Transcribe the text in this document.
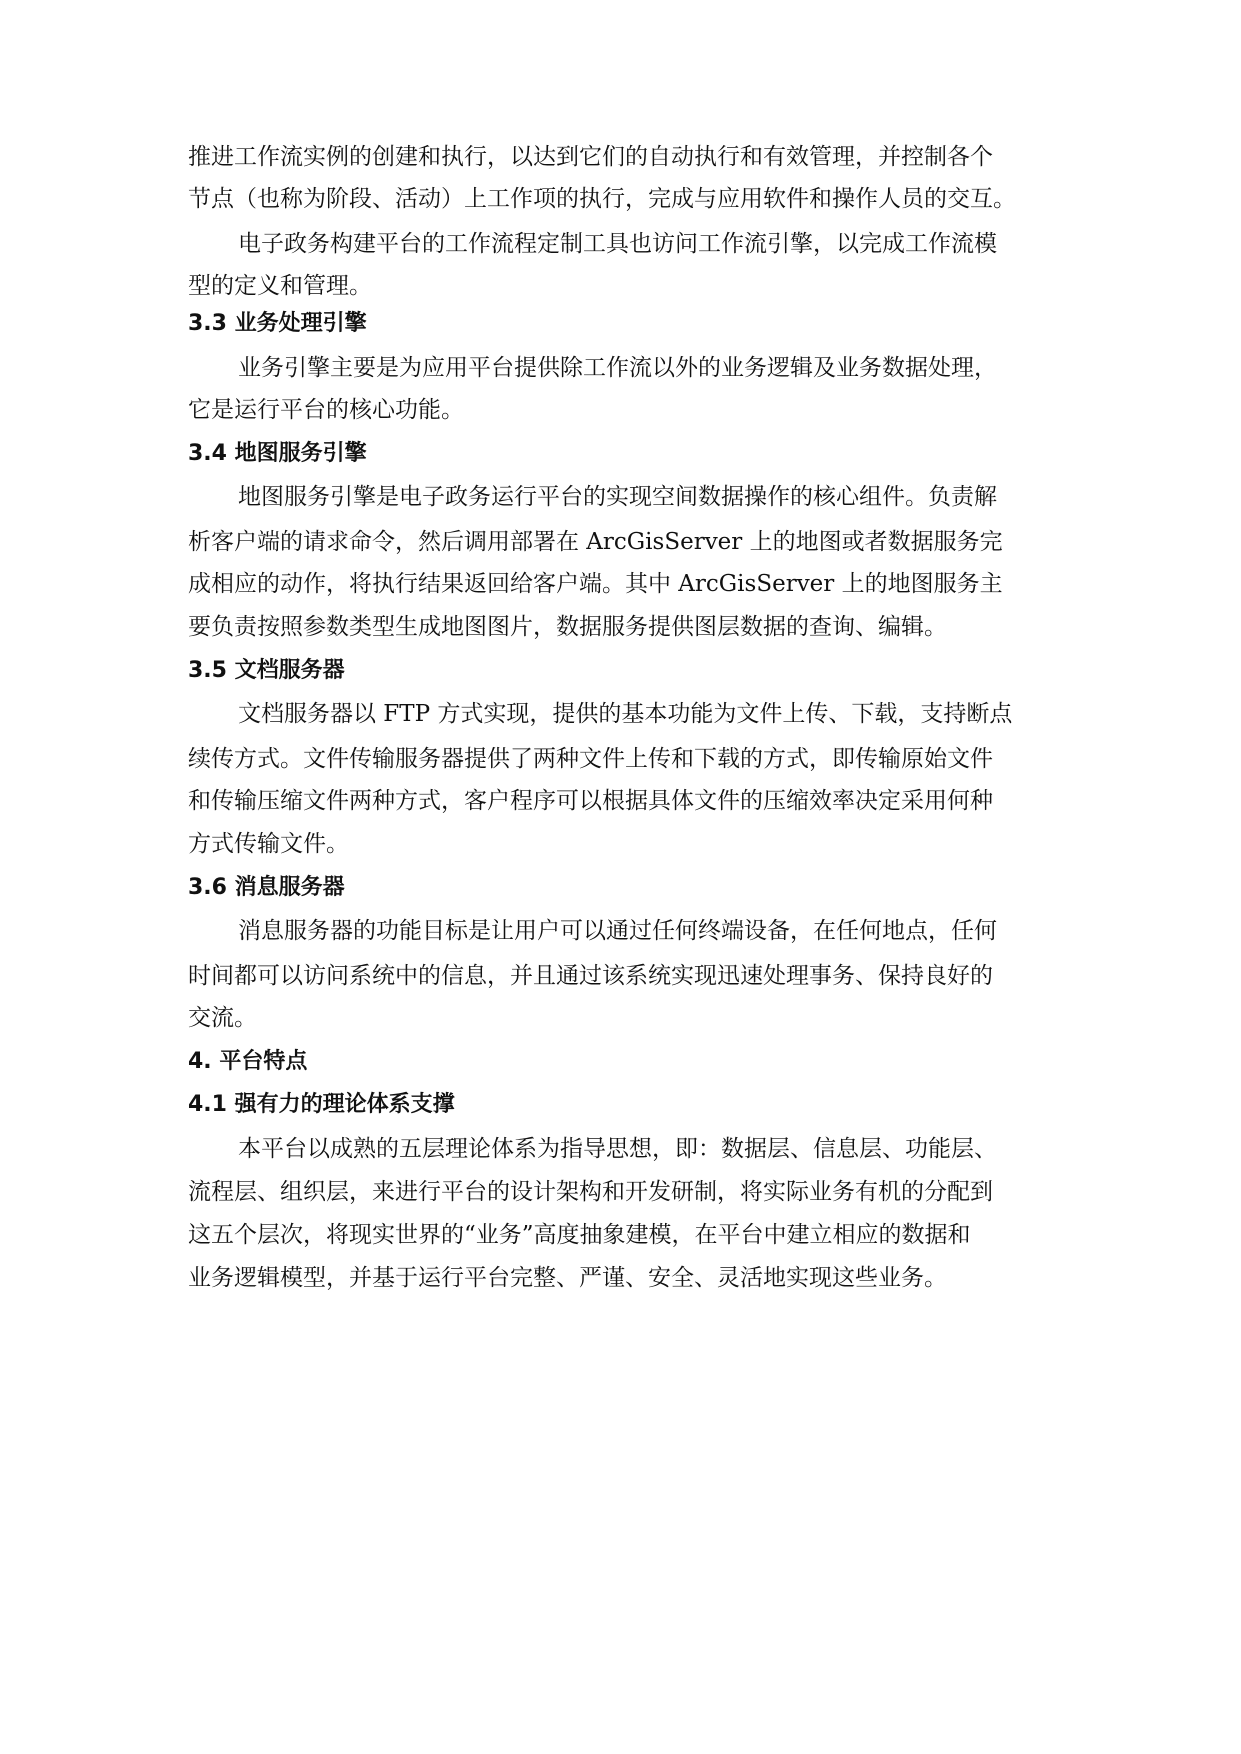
推进工作流实例的创建和执行，以达到它们的自动执行和有效管理，并控制各个

节点（也称为阶段、活动）上工作项的执行，完成与应用软件和操作人员的交互。

电子政务构建平台的工作流程定制工具也访问工作流引擎，以完成工作流模

型的定义和管理。

3.3 业务处理引擎

业务引擎主要是为应用平台提供除工作流以外的业务逻辑及业务数据处理，

它是运行平台的核心功能。

3.4 地图服务引擎

地图服务引擎是电子政务运行平台的实现空间数据操作的核心组件。负责解

析客户端的请求命令，然后调用部署在 ArcGisServer 上的地图或者数据服务完

成相应的动作，将执行结果返回给客户端。其中 ArcGisServer 上的地图服务主

要负责按照参数类型生成地图图片，数据服务提供图层数据的查询、编辑。

3.5 文档服务器

文档服务器以 FTP 方式实现，提供的基本功能为文件上传、下载，支持断点

续传方式。文件传输服务器提供了两种文件上传和下载的方式，即传输原始文件

和传输压缩文件两种方式，客户程序可以根据具体文件的压缩效率决定采用何种

方式传输文件。

3.6 消息服务器

消息服务器的功能目标是让用户可以通过任何终端设备，在任何地点，任何

时间都可以访问系统中的信息，并且通过该系统实现迅速处理事务、保持良好的

交流。

4. 平台特点

4.1 强有力的理论体系支撑

本平台以成熟的五层理论体系为指导思想，即：数据层、信息层、功能层、

流程层、组织层，来进行平台的设计架构和开发研制，将实际业务有机的分配到

这五个层次，将现实世界的“业务”高度抽象建模，在平台中建立相应的数据和

业务逻辑模型，并基于运行平台完整、严谨、安全、灵活地实现这些业务。
